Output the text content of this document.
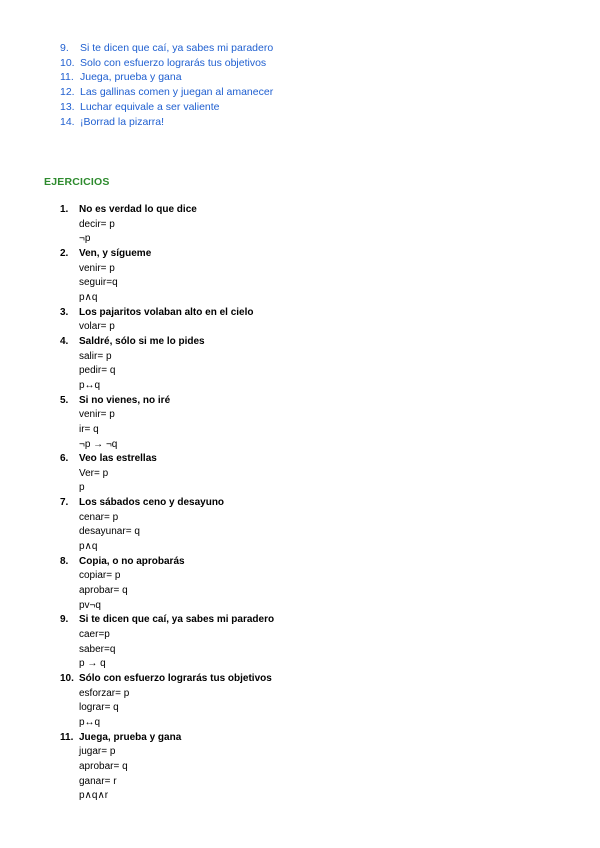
9. Si te dicen que caí, ya sabes mi paradero
10. Solo con esfuerzo lograrás tus objetivos
11. Juega, prueba y gana
12. Las gallinas comen y juegan al amanecer
13. Luchar equivale a ser valiente
14. ¡Borrad la pizarra!
EJERCICIOS
1. No es verdad lo que dice
decir= p
¬p
2. Ven, y sígueme
venir= p
seguir=q
p∧q
3. Los pajaritos volaban alto en el cielo
volar= p
4. Saldré, sólo si me lo pides
salir= p
pedir= q
p↔q
5. Si no vienes, no iré
venir= p
ir= q
¬p → ¬q
6. Veo las estrellas
Ver= p
p
7. Los sábados ceno y desayuno
cenar= p
desayunar= q
p∧q
8. Copia, o no aprobarás
copiar= p
aprobar= q
pv¬q
9. Si te dicen que caí, ya sabes mi paradero
caer=p
saber=q
p → q
10. Sólo con esfuerzo lograrás tus objetivos
esforzar= p
lograr= q
p↔q
11. Juega, prueba y gana
jugar= p
aprobar= q
ganar= r
p∧q∧r
